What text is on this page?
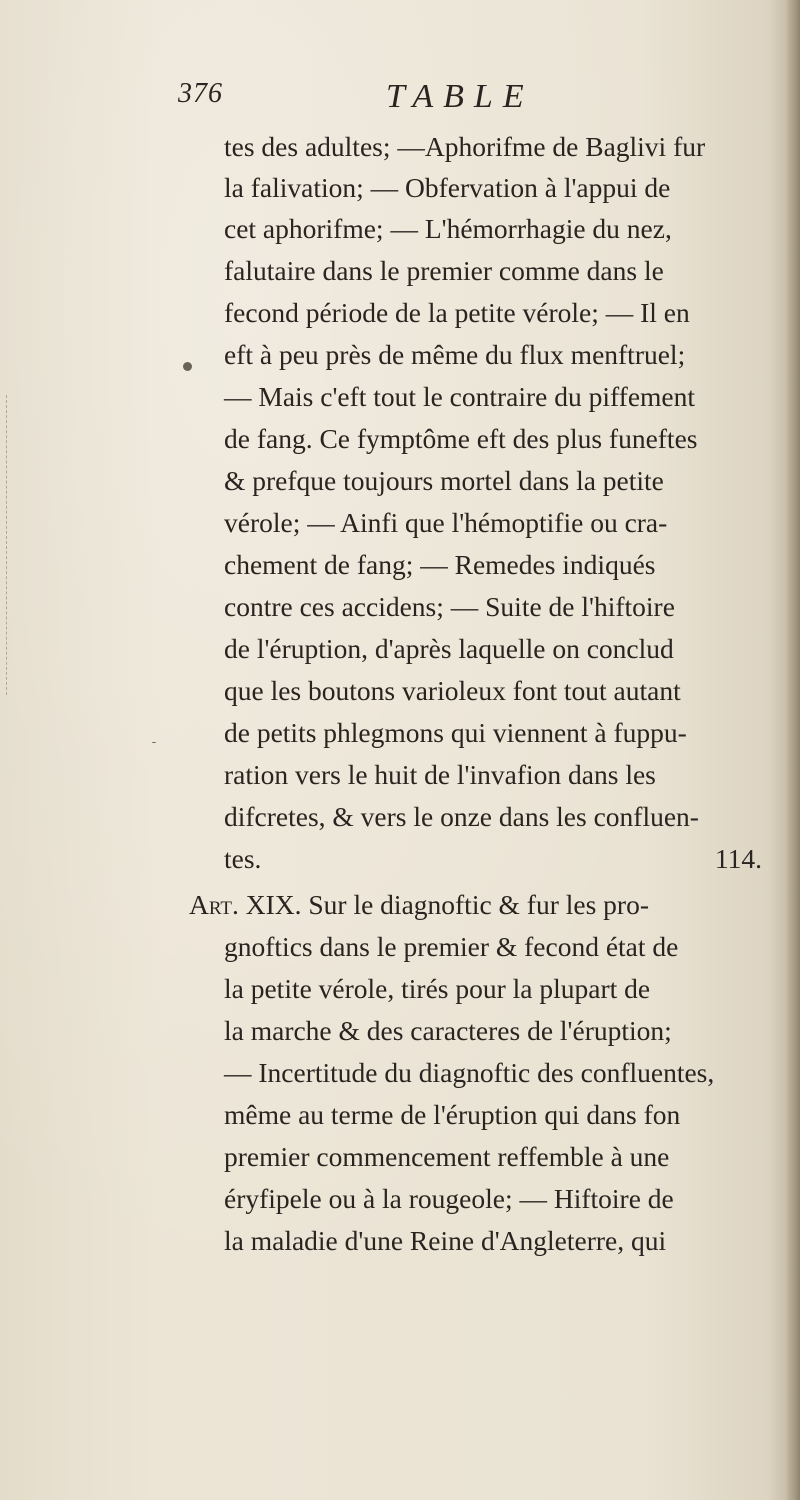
376	TABLE
tes des adultes; —Aphorifme de Baglivi fur
la falivation; — Obfervation à l'appui de
cet aphorifme; — L'hémorrhagie du nez,
falutaire dans le premier comme dans le
fecond période de la petite vérole; — Il en
eft à peu près de même du flux menftruel;
— Mais c'eft tout le contraire du piffement
de fang. Ce fymptôme eft des plus funeftes
& prefque toujours mortel dans la petite
vérole; — Ainfi que l'hémoptifie ou cra-
chement de fang; — Remedes indiqués
contre ces accidens; — Suite de l'hiftoire
de l'éruption, d'après laquelle on conclud
que les boutons varioleux font tout autant
de petits phlegmons qui viennent à fuppu-
ration vers le huit de l'invafion dans les
difcretes, & vers le onze dans les confluen-
tes.	114.
Art. XIX. Sur le diagnoftic & fur les pro-
gnoftics dans le premier & fecond état de
la petite vérole, tirés pour la plupart de
la marche & des caracteres de l'éruption;
— Incertitude du diagnoftic des confluentes,
même au terme de l'éruption qui dans fon
premier commencement reffemble à une
éryfipele ou à la rougeole; — Hiftoire de
la maladie d'une Reine d'Angleterre, qui
